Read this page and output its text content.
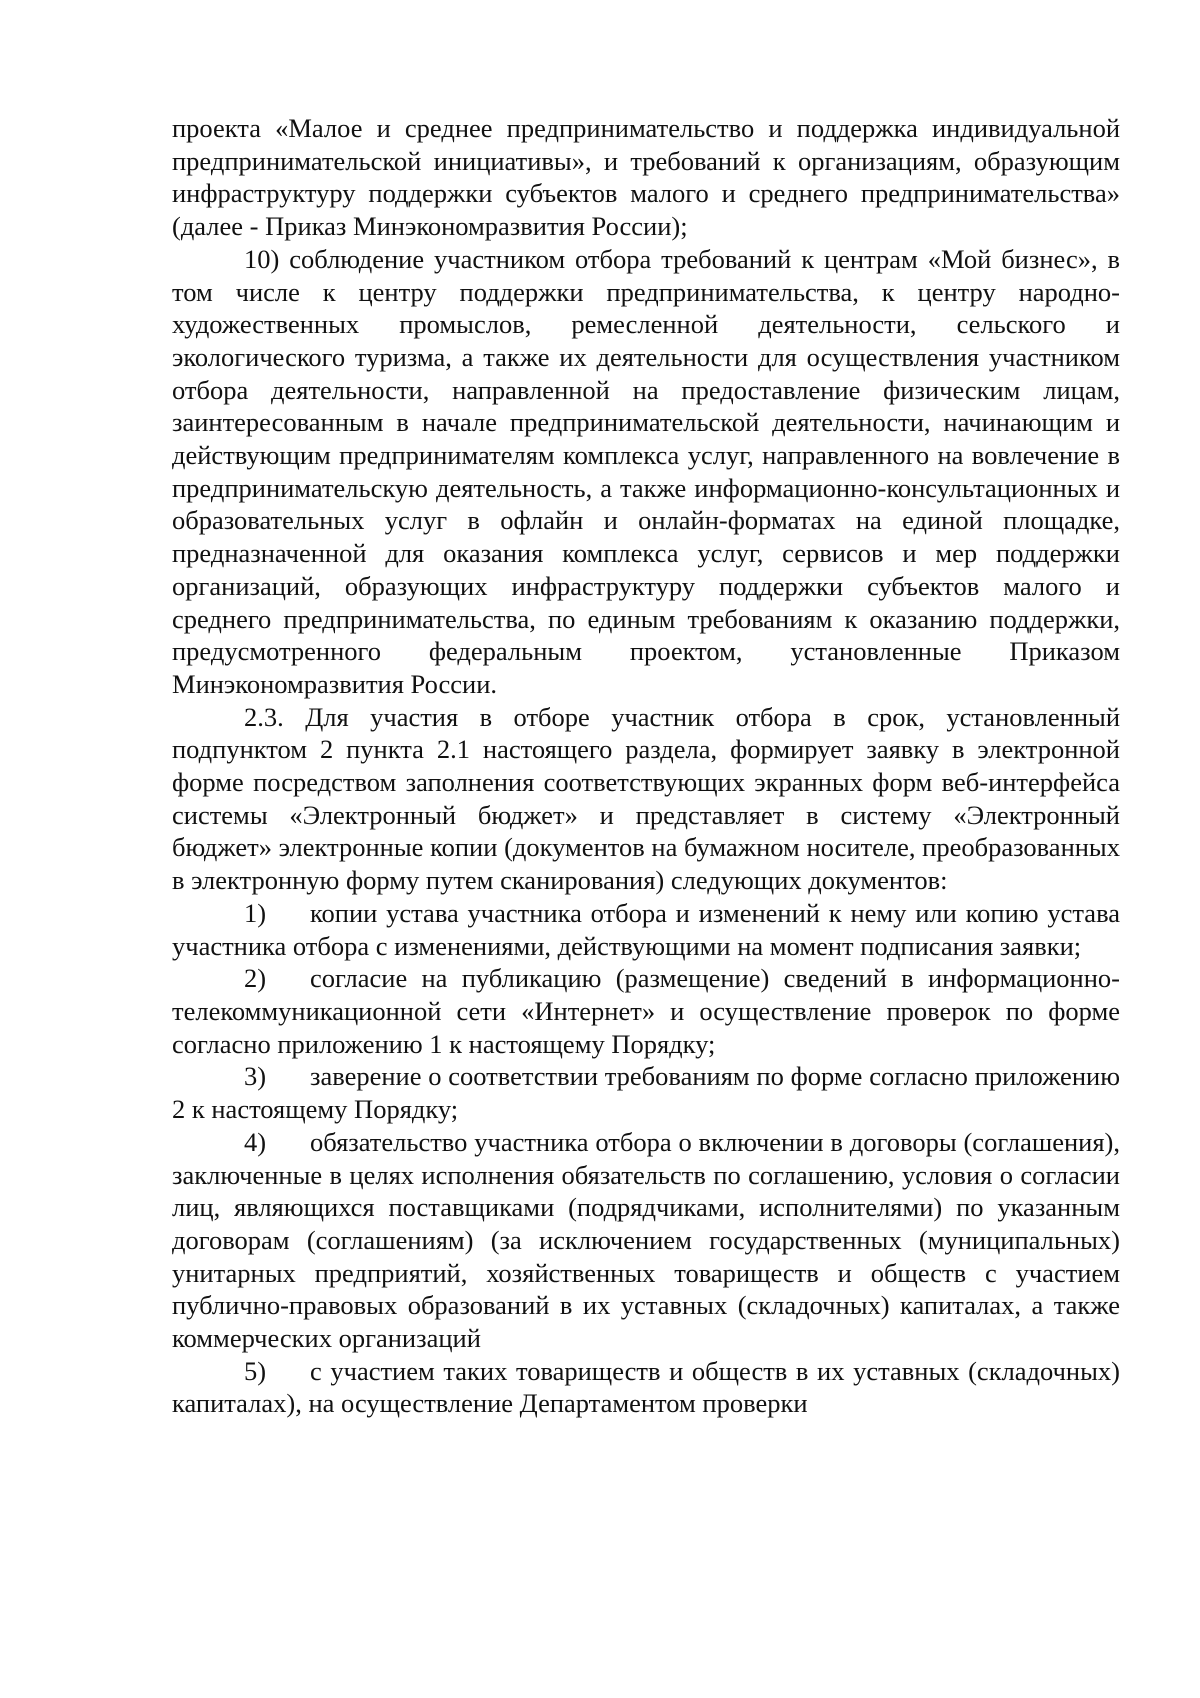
проекта «Малое и среднее предпринимательство и поддержка индивидуальной предпринимательской инициативы», и требований к организациям, образующим инфраструктуру поддержки субъектов малого и среднего предпринимательства» (далее - Приказ Минэкономразвития России);

10) соблюдение участником отбора требований к центрам «Мой бизнес», в том числе к центру поддержки предпринимательства, к центру народно-художественных промыслов, ремесленной деятельности, сельского и экологического туризма, а также их деятельности для осуществления участником отбора деятельности, направленной на предоставление физическим лицам, заинтересованным в начале предпринимательской деятельности, начинающим и действующим предпринимателям комплекса услуг, направленного на вовлечение в предпринимательскую деятельность, а также информационно-консультационных и образовательных услуг в офлайн и онлайн-форматах на единой площадке, предназначенной для оказания комплекса услуг, сервисов и мер поддержки организаций, образующих инфраструктуру поддержки субъектов малого и среднего предпринимательства, по единым требованиям к оказанию поддержки, предусмотренного федеральным проектом, установленные Приказом Минэкономразвития России.

2.3. Для участия в отборе участник отбора в срок, установленный подпунктом 2 пункта 2.1 настоящего раздела, формирует заявку в электронной форме посредством заполнения соответствующих экранных форм веб-интерфейса системы «Электронный бюджет» и представляет в систему «Электронный бюджет» электронные копии (документов на бумажном носителе, преобразованных в электронную форму путем сканирования) следующих документов:

1) копии устава участника отбора и изменений к нему или копию устава участника отбора с изменениями, действующими на момент подписания заявки;

2) согласие на публикацию (размещение) сведений в информационно-телекоммуникационной сети «Интернет» и осуществление проверок по форме согласно приложению 1 к настоящему Порядку;

3) заверение о соответствии требованиям по форме согласно приложению 2 к настоящему Порядку;

4) обязательство участника отбора о включении в договоры (соглашения), заключенные в целях исполнения обязательств по соглашению, условия о согласии лиц, являющихся поставщиками (подрядчиками, исполнителями) по указанным договорам (соглашениям) (за исключением государственных (муниципальных) унитарных предприятий, хозяйственных товариществ и обществ с участием публично-правовых образований в их уставных (складочных) капиталах, а также коммерческих организаций

5) с участием таких товариществ и обществ в их уставных (складочных) капиталах), на осуществление Департаментом проверки
